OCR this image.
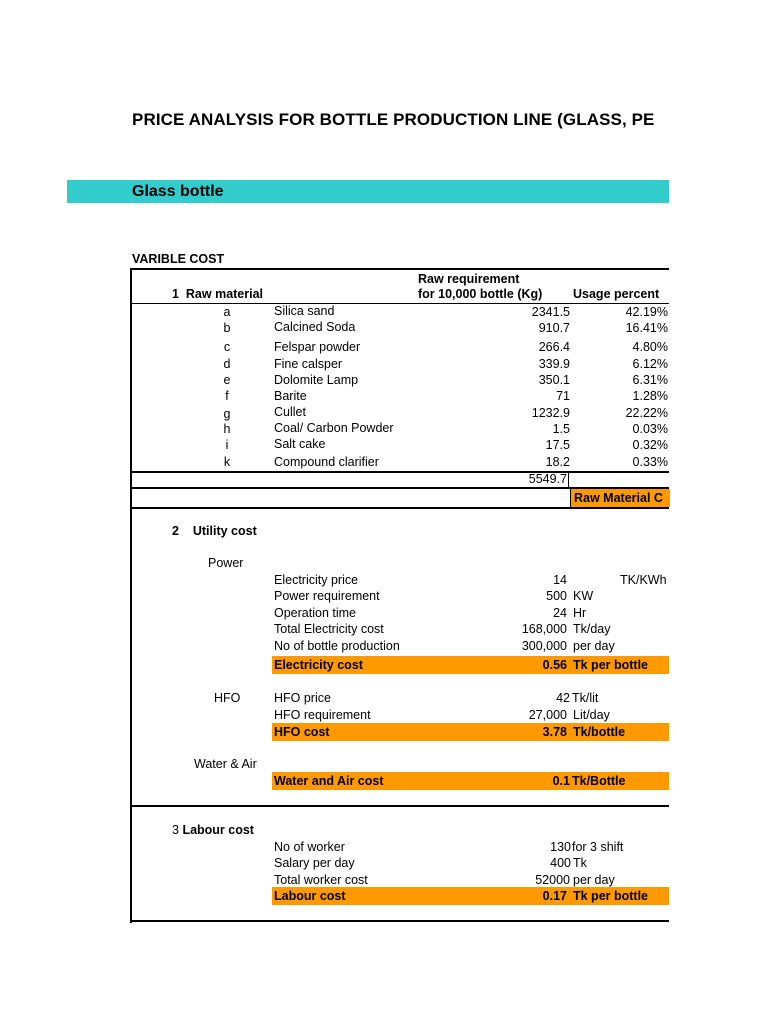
PRICE ANALYSIS FOR BOTTLE PRODUCTION LINE (GLASS, PE
Glass bottle
VARIBLE COST
1 Raw material
Raw requirement
for 10,000 bottle (Kg) Usage percent
a	Silica sand	2341.5	42.19%
b	Calcined Soda	910.7	16.41%
c	Felspar powder	266.4	4.80%
d	Fine calsper	339.9	6.12%
e	Dolomite Lamp	350.1	6.31%
f	Barite	71	1.28%
g	Cullet	1232.9	22.22%
h	Coal/ Carbon Powder	1.5	0.03%
i	Salt cake	17.5	0.32%
k	Compound clarifier	18.2	0.33%
5549.7
Raw Material C
2 Utility cost
Power
Electricity price	14	TK/KWh
Power requirement	500 KW
Operation time	24 Hr
Total Electricity cost	168,000 Tk/day
No of bottle production	300,000 per day
Electricity cost	0.56 Tk per bottle
HFO	HFO price	42 Tk/lit
HFO requirement	27,000 Lit/day
HFO cost	3.78 Tk/bottle
Water & Air
Water and Air cost	0.1 Tk/Bottle
3 Labour cost
No of worker	130 for 3 shift
Salary per day	400 Tk
Total worker cost	52000 per day
Labour cost	0.17 Tk per bottle
